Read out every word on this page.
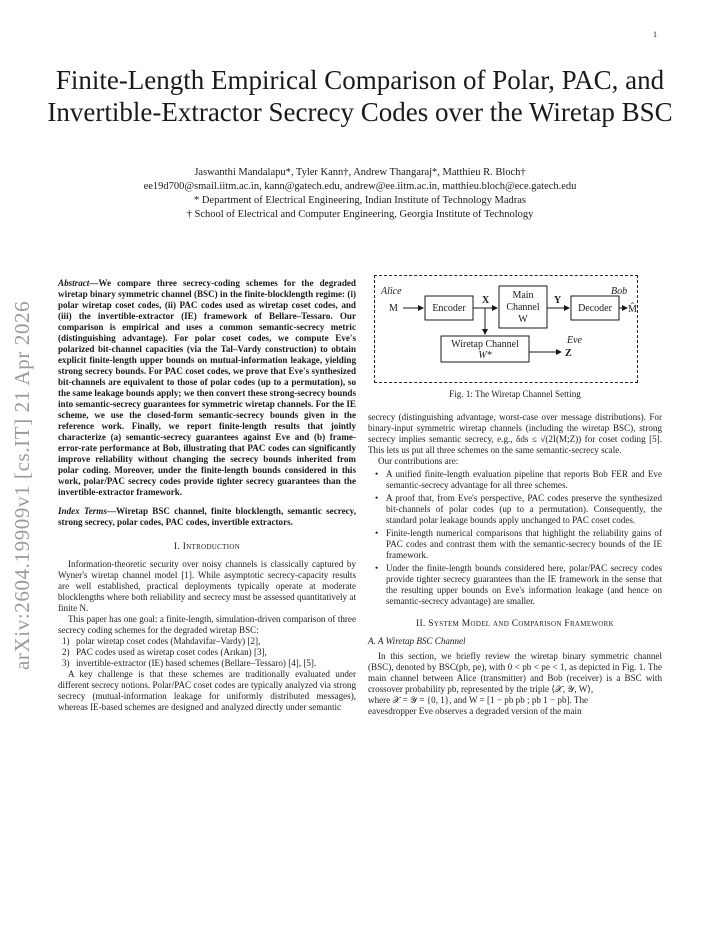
1
Finite-Length Empirical Comparison of Polar, PAC, and Invertible-Extractor Secrecy Codes over the Wiretap BSC
Jaswanthi Mandalapu*, Tyler Kann†, Andrew Thangaraj*, Matthieu R. Bloch†
ee19d700@smail.iitm.ac.in, kann@gatech.edu, andrew@ee.iitm.ac.in, matthieu.bloch@ece.gatech.edu
* Department of Electrical Engineering, Indian Institute of Technology Madras
† School of Electrical and Computer Engineering, Georgia Institute of Technology
arXiv:2604.19909v1 [cs.IT] 21 Apr 2026

Abstract—We compare three secrecy-coding schemes for the degraded wiretap binary symmetric channel (BSC) in the finite-blocklength regime: (i) polar wiretap coset codes, (ii) PAC codes used as wiretap coset codes, and (iii) the invertible-extractor (IE) framework of Bellare–Tessaro. Our comparison is empirical and uses a common semantic-secrecy metric (distinguishing advantage). For polar coset codes, we compute Eve's polarized bit-channel capacities (via the Tal–Vardy construction) to obtain explicit finite-length upper bounds on mutual-information leakage, yielding strong secrecy bounds. For PAC coset codes, we prove that Eve's synthesized bit-channels are equivalent to those of polar codes (up to a permutation), so the same leakage bounds apply; we then convert these strong-secrecy bounds into semantic-secrecy guarantees for symmetric wiretap channels. For the IE scheme, we use the closed-form semantic-secrecy bounds given in the reference work. Finally, we report finite-length results that jointly characterize (a) semantic-secrecy guarantees against Eve and (b) frame-error-rate performance at Bob, illustrating that PAC codes can significantly improve reliability without changing the secrecy bounds inherited from polar coding. Moreover, under the finite-length bounds considered in this work, polar/PAC secrecy codes provide tighter secrecy guarantees than the invertible-extractor framework.

Index Terms—Wiretap BSC channel, finite blocklength, semantic secrecy, strong secrecy, polar codes, PAC codes, invertible extractors.
I. Introduction

Information-theoretic security over noisy channels is classically captured by Wyner's wiretap channel model [1]. While asymptotic secrecy-capacity results are well established, practical deployments typically operate at moderate blocklengths where both reliability and secrecy must be assessed quantitatively at finite N.

This paper has one goal: a finite-length, simulation-driven comparison of three secrecy coding schemes for the degraded wiretap BSC:

1) polar wiretap coset codes (Mahdavifar–Vardy) [2],
2) PAC codes used as wiretap coset codes (Arıkan) [3],
3) invertible-extractor (IE) based schemes (Bellare–Tessaro) [4], [5].

A key challenge is that these schemes are traditionally evaluated under different secrecy notions. Polar/PAC coset codes are typically analyzed via strong secrecy (mutual-information leakage for uniformly distributed messages), whereas IE-based schemes are designed and analyzed directly under semantic

Alice	Bob
M	Encoder
X Main
Channel
W
Y
Decoder M̂
Wiretap Channel
W*
Eve
Z
Fig. 1: The Wiretap Channel Setting

secrecy (distinguishing advantage, worst-case over message distributions). For binary-input symmetric wiretap channels (including the wiretap BSC), strong secrecy implies semantic secrecy, e.g., δds ≤ √(2I(M;Z)) for coset coding [5]. This lets us put all three schemes on the same semantic-secrecy scale.

Our contributions are:

• A unified finite-length evaluation pipeline that reports Bob FER and Eve semantic-secrecy advantage for all three schemes.
• A proof that, from Eve's perspective, PAC codes preserve the synthesized bit-channels of polar codes (up to a permutation). Consequently, the standard polar leakage bounds apply unchanged to PAC coset codes.
• Finite-length numerical comparisons that highlight the reliability gains of PAC codes and contrast them with the semantic-secrecy bounds of the IE framework.
• Under the finite-length bounds considered here, polar/PAC secrecy codes provide tighter secrecy guarantees than the IE framework in the sense that the resulting upper bounds on Eve's information leakage (and hence on semantic-secrecy advantage) are smaller.
II. System Model and Comparison Framework
A. A Wiretap BSC Channel

In this section, we briefly review the wiretap binary symmetric channel (BSC), denoted by BSC(pb, pe), with 0 < pb < pe < 1, as depicted in Fig. 1. The main channel between Alice (transmitter) and Bob (receiver) is a BSC with crossover probability pb, represented by the triple ⟨𝒳, 𝒴, W⟩,

where 𝒳 = 𝒴 = {0, 1}, and W = [1 − pb pb ; pb 1 − pb]. The

eavesdropper Eve observes a degraded version of the main
